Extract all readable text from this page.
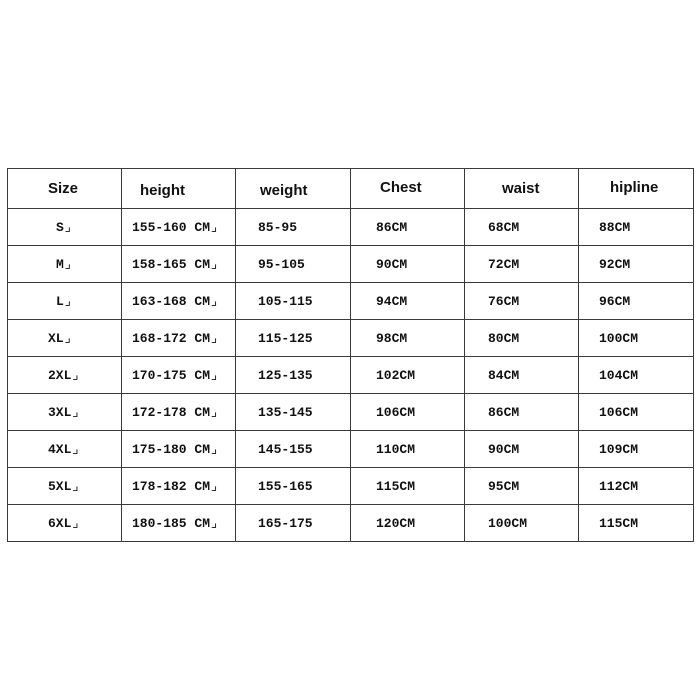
Size	height	weight	Chest	waist	hipline
S⌟	155-160 CM⌟	85-95	86CM	68CM	88CM
M⌟	158-165 CM⌟	95-105	90CM	72CM	92CM
L⌟	163-168 CM⌟	105-115	94CM	76CM	96CM
XL⌟	168-172 CM⌟	115-125	98CM	80CM	100CM
2XL⌟	170-175 CM⌟	125-135	102CM	84CM	104CM
3XL⌟	172-178 CM⌟	135-145	106CM	86CM	106CM
4XL⌟	175-180 CM⌟	145-155	110CM	90CM	109CM
5XL⌟	178-182 CM⌟	155-165	115CM	95CM	112CM
6XL⌟	180-185 CM⌟	165-175	120CM	100CM	115CM
